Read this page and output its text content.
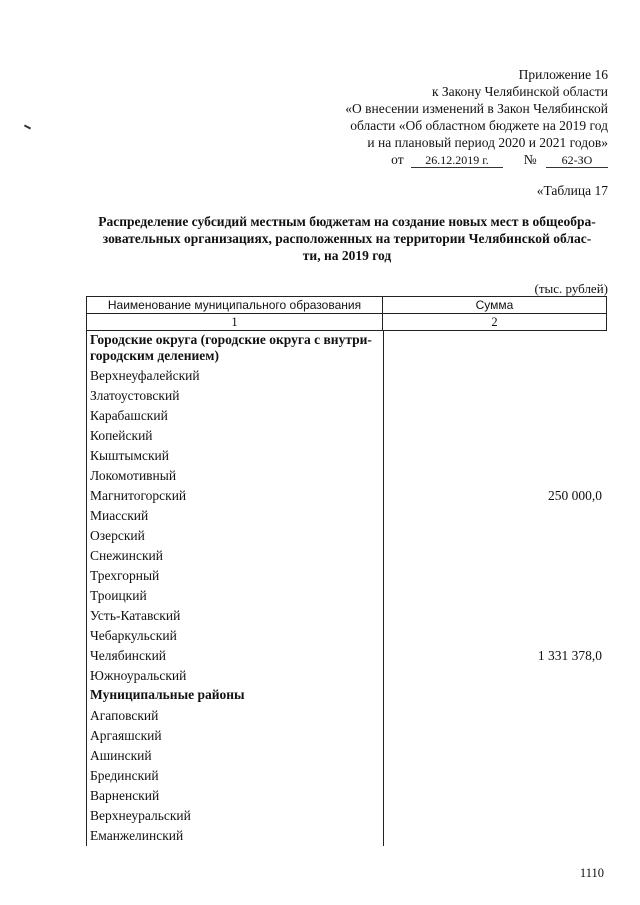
Приложение 16
к Закону Челябинской области
«О внесении изменений в Закон Челябинской
области «Об областном бюджете на 2019 год
и на плановый период 2020 и 2021 годов»
от 26.12.2019 г.	№ 62-ЗО
«Таблица 17
Распределение субсидий местным бюджетам на создание новых мест в общеобра-
зовательных организациях, расположенных на территории Челябинской облас-
ти, на 2019 год
(тыс. рублей)
Наименование муниципального образования	Сумма
1	2
Городские округа (городские округа с внутри-
городским делением)
Верхнеуфалейский
Златоустовский
Карабашский
Копейский
Кыштымский
Локомотивный
Магнитогорский	250 000,0
Миасский
Озерский
Снежинский
Трехгорный
Троицкий
Усть-Катавский
Чебаркульский
Челябинский	1 331 378,0
Южноуральский
Муниципальные районы
Агаповский
Аргаяшский
Ашинский
Брединский
Варненский
Верхнеуральский
Еманжелинский
1110
